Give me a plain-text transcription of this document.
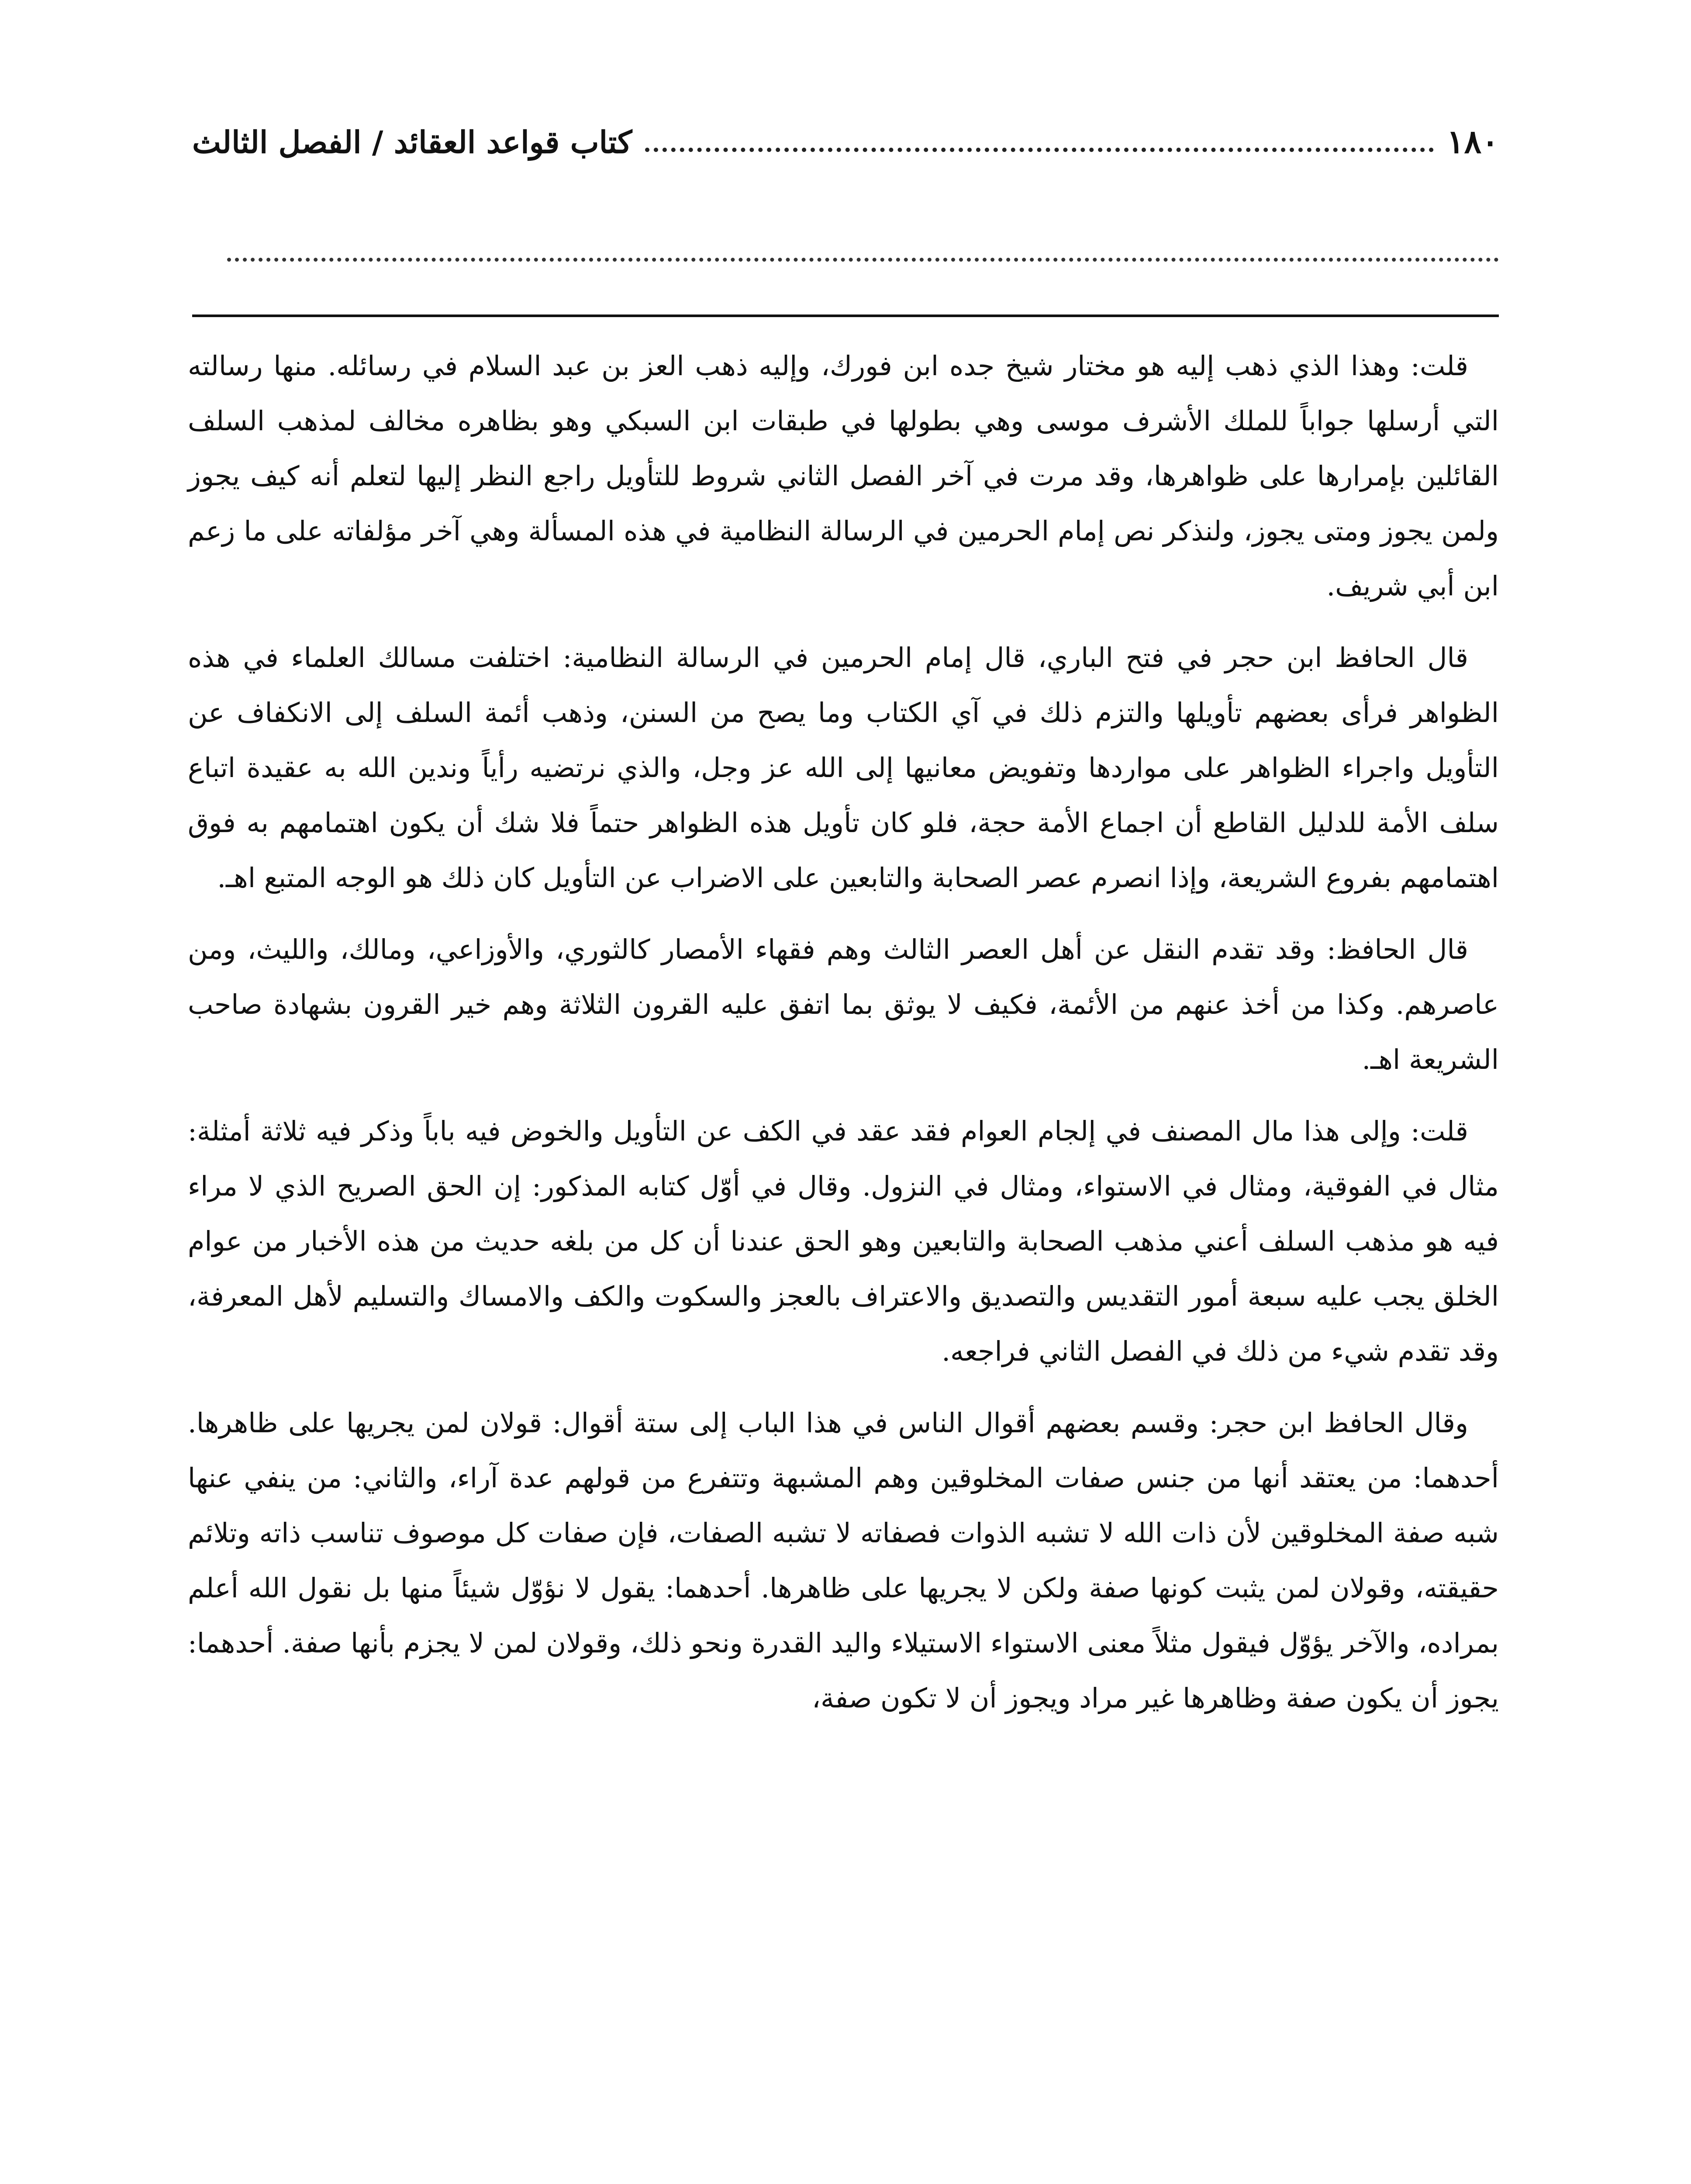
١٨٠
كتاب قواعد العقائد / الفصل الثالث

قلت: وهذا الذي ذهب إليه هو مختار شيخ جده ابن فورك، وإليه ذهب العز بن عبد السلام في رسائله. منها رسالته التي أرسلها جواباً للملك الأشرف موسى وهي بطولها في طبقات ابن السبكي وهو بظاهره مخالف لمذهب السلف القائلين بإمرارها على ظواهرها، وقد مرت في آخر الفصل الثاني شروط للتأويل راجع النظر إليها لتعلم أنه كيف يجوز ولمن يجوز ومتى يجوز، ولنذكر نص إمام الحرمين في الرسالة النظامية في هذه المسألة وهي آخر مؤلفاته على ما زعم ابن أبي شريف.

قال الحافظ ابن حجر في فتح الباري، قال إمام الحرمين في الرسالة النظامية: اختلفت مسالك العلماء في هذه الظواهر فرأى بعضهم تأويلها والتزم ذلك في آي الكتاب وما يصح من السنن، وذهب أئمة السلف إلى الانكفاف عن التأويل واجراء الظواهر على مواردها وتفويض معانيها إلى الله عز وجل، والذي نرتضيه رأياً وندين الله به عقيدة اتباع سلف الأمة للدليل القاطع أن اجماع الأمة حجة، فلو كان تأويل هذه الظواهر حتماً فلا شك أن يكون اهتمامهم به فوق اهتمامهم بفروع الشريعة، وإذا انصرم عصر الصحابة والتابعين على الاضراب عن التأويل كان ذلك هو الوجه المتبع اهـ.

قال الحافظ: وقد تقدم النقل عن أهل العصر الثالث وهم فقهاء الأمصار كالثوري، والأوزاعي، ومالك، والليث، ومن عاصرهم. وكذا من أخذ عنهم من الأئمة، فكيف لا يوثق بما اتفق عليه القرون الثلاثة وهم خير القرون بشهادة صاحب الشريعة اهـ.

قلت: وإلى هذا مال المصنف في إلجام العوام فقد عقد في الكف عن التأويل والخوض فيه باباً وذكر فيه ثلاثة أمثلة: مثال في الفوقية، ومثال في الاستواء، ومثال في النزول. وقال في أوّل كتابه المذكور: إن الحق الصريح الذي لا مراء فيه هو مذهب السلف أعني مذهب الصحابة والتابعين وهو الحق عندنا أن كل من بلغه حديث من هذه الأخبار من عوام الخلق يجب عليه سبعة أمور التقديس والتصديق والاعتراف بالعجز والسكوت والكف والامساك والتسليم لأهل المعرفة، وقد تقدم شيء من ذلك في الفصل الثاني فراجعه.

وقال الحافظ ابن حجر: وقسم بعضهم أقوال الناس في هذا الباب إلى ستة أقوال: قولان لمن يجريها على ظاهرها. أحدهما: من يعتقد أنها من جنس صفات المخلوقين وهم المشبهة وتتفرع من قولهم عدة آراء، والثاني: من ينفي عنها شبه صفة المخلوقين لأن ذات الله لا تشبه الذوات فصفاته لا تشبه الصفات، فإن صفات كل موصوف تناسب ذاته وتلائم حقيقته، وقولان لمن يثبت كونها صفة ولكن لا يجريها على ظاهرها. أحدهما: يقول لا نؤوّل شيئاً منها بل نقول الله أعلم بمراده، والآخر يؤوّل فيقول مثلاً معنى الاستواء الاستيلاء واليد القدرة ونحو ذلك، وقولان لمن لا يجزم بأنها صفة. أحدهما: يجوز أن يكون صفة وظاهرها غير مراد ويجوز أن لا تكون صفة،
